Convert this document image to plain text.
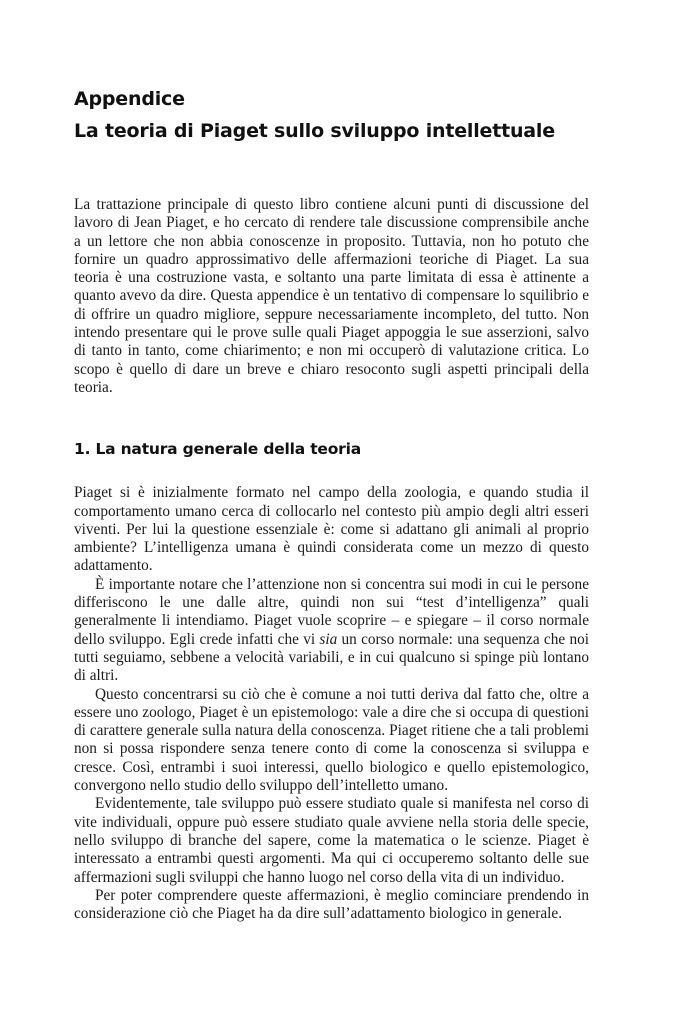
Appendice
La teoria di Piaget sullo sviluppo intellettuale

La trattazione principale di questo libro contiene alcuni punti di discussione del lavoro di Jean Piaget, e ho cercato di rendere tale discussione comprensibile anche a un lettore che non abbia conoscenze in proposito. Tuttavia, non ho potuto che fornire un quadro approssimativo delle affermazioni teoriche di Piaget. La sua teoria è una costruzione vasta, e soltanto una parte limitata di essa è attinente a quanto avevo da dire. Questa appendice è un tentativo di compensare lo squilibrio e di offrire un quadro migliore, seppure necessariamente incompleto, del tutto. Non intendo presentare qui le prove sulle quali Piaget appoggia le sue asserzioni, salvo di tanto in tanto, come chiarimento; e non mi occuperò di valutazione critica. Lo scopo è quello di dare un breve e chiaro resoconto sugli aspetti principali della teoria.

1. La natura generale della teoria

Piaget si è inizialmente formato nel campo della zoologia, e quando studia il comportamento umano cerca di collocarlo nel contesto più ampio degli altri esseri viventi. Per lui la questione essenziale è: come si adattano gli animali al proprio ambiente? L’intelligenza umana è quindi considerata come un mezzo di questo adattamento.

È importante notare che l’attenzione non si concentra sui modi in cui le persone differiscono le une dalle altre, quindi non sui “test d’intelligenza” quali generalmente li intendiamo. Piaget vuole scoprire – e spiegare – il corso normale dello sviluppo. Egli crede infatti che vi sia un corso normale: una sequenza che noi tutti seguiamo, sebbene a velocità variabili, e in cui qualcuno si spinge più lontano di altri.

Questo concentrarsi su ciò che è comune a noi tutti deriva dal fatto che, oltre a essere uno zoologo, Piaget è un epistemologo: vale a dire che si occupa di questioni di carattere generale sulla natura della conoscenza. Piaget ritiene che a tali problemi non si possa rispondere senza tenere conto di come la conoscenza si sviluppa e cresce. Così, entrambi i suoi interessi, quello biologico e quello epistemologico, convergono nello studio dello sviluppo dell’intelletto umano.

Evidentemente, tale sviluppo può essere studiato quale si manifesta nel corso di vite individuali, oppure può essere studiato quale avviene nella storia delle specie, nello sviluppo di branche del sapere, come la matematica o le scienze. Piaget è interessato a entrambi questi argomenti. Ma qui ci occuperemo soltanto delle sue affermazioni sugli sviluppi che hanno luogo nel corso della vita di un individuo.

Per poter comprendere queste affermazioni, è meglio cominciare prendendo in considerazione ciò che Piaget ha da dire sull’adattamento biologico in generale.
